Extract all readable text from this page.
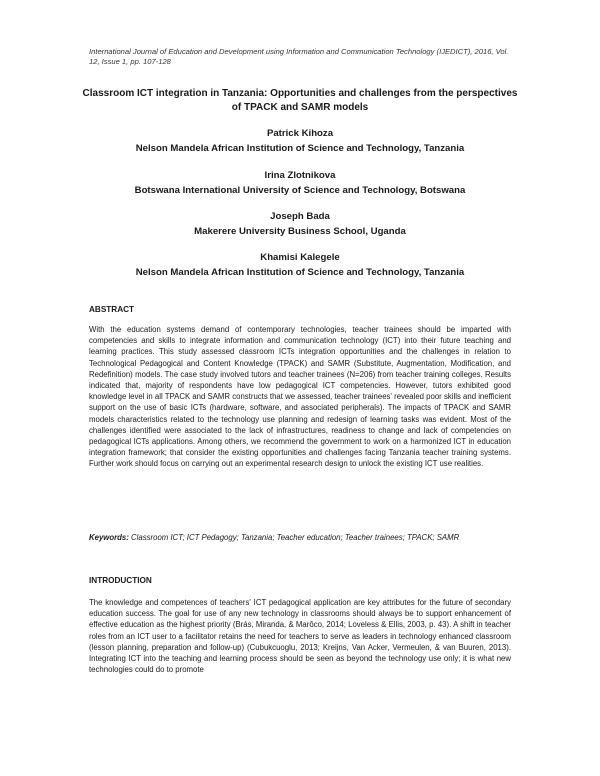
International Journal of Education and Development using Information and Communication Technology (IJEDICT), 2016, Vol. 12, Issue 1, pp. 107-128
Classroom ICT integration in Tanzania: Opportunities and challenges from the perspectives of TPACK and SAMR models
Patrick Kihoza
Nelson Mandela African Institution of Science and Technology, Tanzania
Irina Zlotnikova
Botswana International University of Science and Technology, Botswana
Joseph Bada
Makerere University Business School, Uganda
Khamisi Kalegele
Nelson Mandela African Institution of Science and Technology, Tanzania
ABSTRACT

With the education systems demand of contemporary technologies, teacher trainees should be imparted with competencies and skills to integrate information and communication technology (ICT) into their future teaching and learning practices. This study assessed classroom ICTs integration opportunities and the challenges in relation to Technological Pedagogical and Content Knowledge (TPACK) and SAMR (Substitute, Augmentation, Modification, and Redefinition) models. The case study involved tutors and teacher trainees (N=206) from teacher training colleges. Results indicated that, majority of respondents have low pedagogical ICT competencies. However, tutors exhibited good knowledge level in all TPACK and SAMR constructs that we assessed, teacher trainees' revealed poor skills and inefficient support on the use of basic ICTs (hardware, software, and associated peripherals). The impacts of TPACK and SAMR models characteristics related to the technology use planning and redesign of learning tasks was evident. Most of the challenges identified were associated to the lack of infrastructures, readiness to change and lack of competencies on pedagogical ICTs applications. Among others, we recommend the government to work on a harmonized ICT in education integration framework; that consider the existing opportunities and challenges facing Tanzania teacher training systems. Further work should focus on carrying out an experimental research design to unlock the existing ICT use realities.

Keywords: Classroom ICT; ICT Pedagogy; Tanzania; Teacher education; Teacher trainees; TPACK; SAMR
INTRODUCTION

The knowledge and competences of teachers' ICT pedagogical application are key attributes for the future of secondary education success. The goal for use of any new technology in classrooms should always be to support enhancement of effective education as the highest priority (Brás, Miranda, & Marôco, 2014; Loveless & Ellis, 2003, p. 43). A shift in teacher roles from an ICT user to a facilitator retains the need for teachers to serve as leaders in technology enhanced classroom (lesson planning, preparation and follow-up) (Cubukcuoglu, 2013; Kreijns, Van Acker, Vermeulen, & van Buuren, 2013). Integrating ICT into the teaching and learning process should be seen as beyond the technology use only; it is what new technologies could do to promote
